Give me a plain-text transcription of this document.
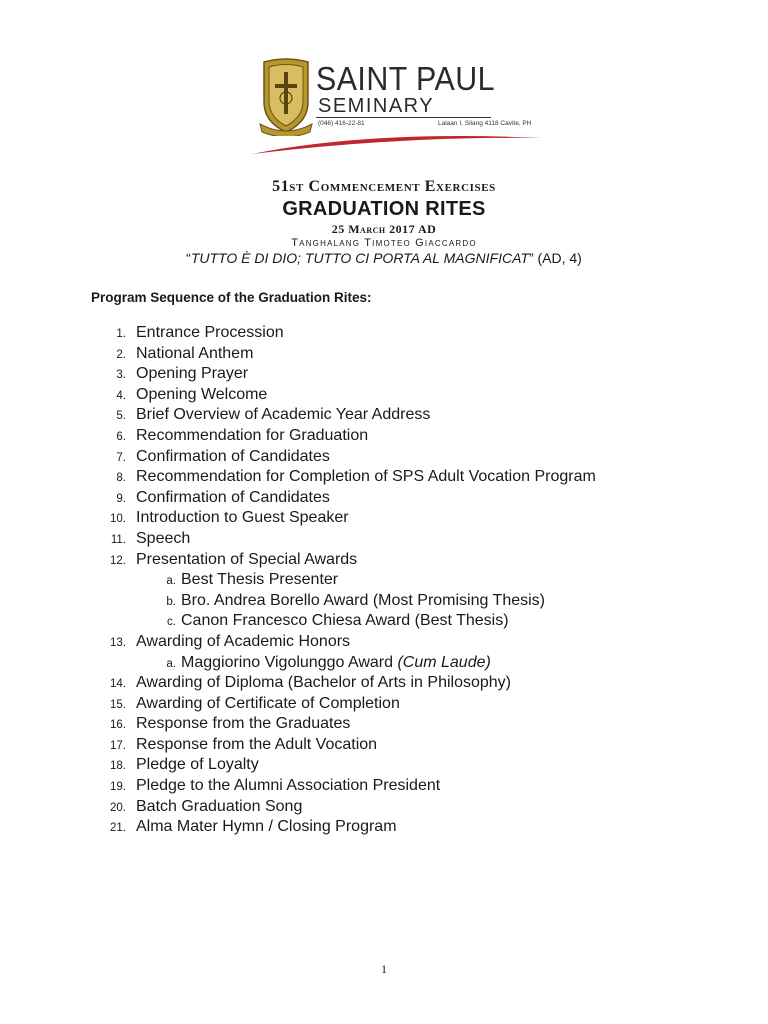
SAINT PAUL
SEMINARY
(046) 416-22-81	Lalaan I, Silang 4118 Cavite, PH
51st Commencement Exercises
GRADUATION RITES
25 March 2017 AD
Tanghalang Timoteo Giaccardo
“TUTTO È DI DIO; TUTTO CI PORTA AL MAGNIFICAT” (AD, 4)
Program Sequence of the Graduation Rites:
1. Entrance Procession
2. National Anthem
3. Opening Prayer
4. Opening Welcome
5. Brief Overview of Academic Year Address
6. Recommendation for Graduation
7. Confirmation of Candidates
8. Recommendation for Completion of SPS Adult Vocation Program
9. Confirmation of Candidates
10. Introduction to Guest Speaker
11. Speech
12. Presentation of Special Awards
a. Best Thesis Presenter
b. Bro. Andrea Borello Award (Most Promising Thesis)
c. Canon Francesco Chiesa Award (Best Thesis)
13. Awarding of Academic Honors
a. Maggiorino Vigolunggo Award (Cum Laude)
14. Awarding of Diploma (Bachelor of Arts in Philosophy)
15. Awarding of Certificate of Completion
16. Response from the Graduates
17. Response from the Adult Vocation
18. Pledge of Loyalty
19. Pledge to the Alumni Association President
20. Batch Graduation Song
21. Alma Mater Hymn / Closing Program
1
